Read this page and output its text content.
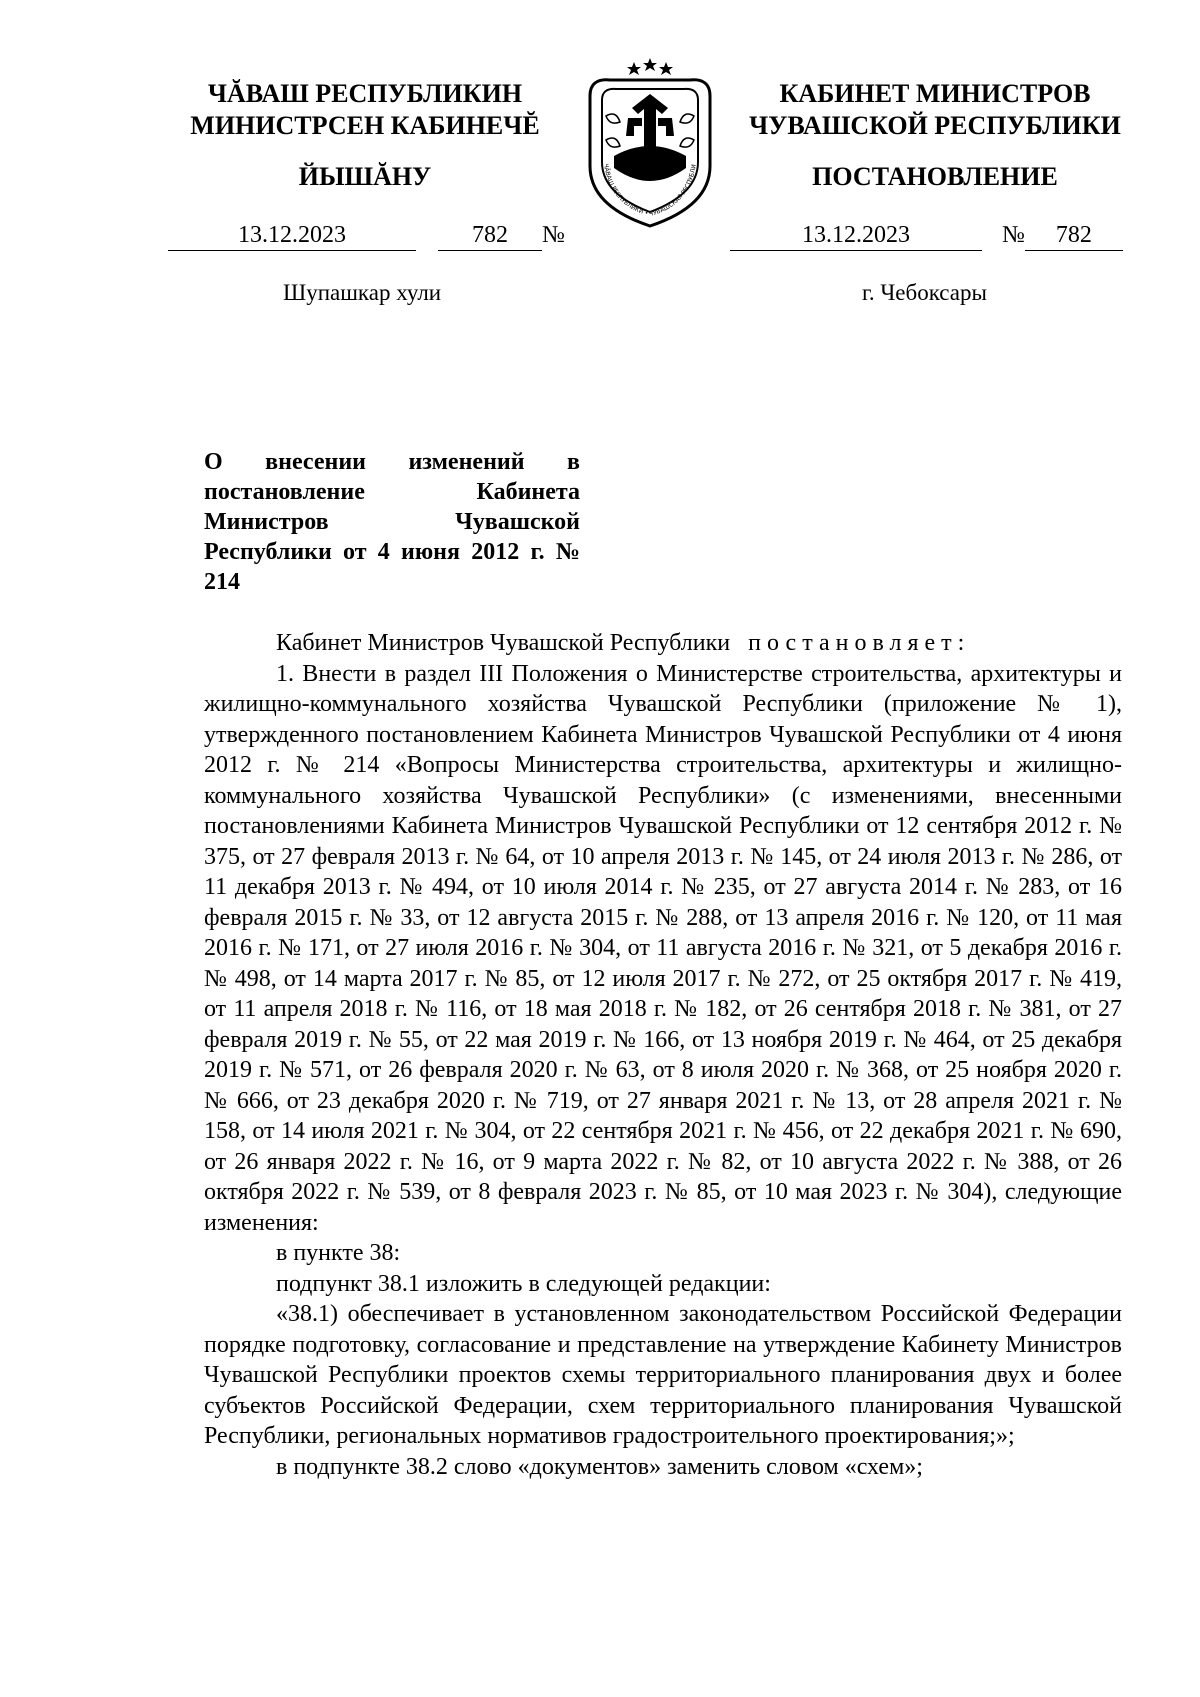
ЧĂВАШ РЕСПУБЛИКИН
МИНИСТРСЕН КАБИНЕЧĔ
ЙЫШĂНУ	ЧĂВАШ РЕСПУБЛИКИ • ЧУВАШСКАЯ РЕСПУБЛИ
КАБИНЕТ МИНИСТРОВ
ЧУВАШСКОЙ РЕСПУБЛИКИ
ПОСТАНОВЛЕНИЕ
13.12.2023	782 №	13.12.2023	№ 782
Шупашкар хули	г. Чебоксары
О внесении изменений в постановление Кабинета Министров Чувашской Республики от 4 июня 2012 г. № 214

Кабинет Министров Чувашской Республики постановляет:

1. Внести в раздел III Положения о Министерстве строительства, архитектуры и жилищно-коммунального хозяйства Чувашской Республики (приложение № 1), утвержденного постановлением Кабинета Министров Чувашской Республики от 4 июня 2012 г. № 214 «Вопросы Министерства строительства, архитектуры и жилищно-коммунального хозяйства Чувашской Республики» (с изменениями, внесенными постановлениями Кабинета Министров Чувашской Республики от 12 сентября 2012 г. № 375, от 27 февраля 2013 г. № 64, от 10 апреля 2013 г. № 145, от 24 июля 2013 г. № 286, от 11 декабря 2013 г. № 494, от 10 июля 2014 г. № 235, от 27 августа 2014 г. № 283, от 16 февраля 2015 г. № 33, от 12 августа 2015 г. № 288, от 13 апреля 2016 г. № 120, от 11 мая 2016 г. № 171, от 27 июля 2016 г. № 304, от 11 августа 2016 г. № 321, от 5 декабря 2016 г. № 498, от 14 марта 2017 г. № 85, от 12 июля 2017 г. № 272, от 25 октября 2017 г. № 419, от 11 апреля 2018 г. № 116, от 18 мая 2018 г. № 182, от 26 сентября 2018 г. № 381, от 27 февраля 2019 г. № 55, от 22 мая 2019 г. № 166, от 13 ноября 2019 г. № 464, от 25 декабря 2019 г. № 571, от 26 февраля 2020 г. № 63, от 8 июля 2020 г. № 368, от 25 ноября 2020 г. № 666, от 23 декабря 2020 г. № 719, от 27 января 2021 г. № 13, от 28 апреля 2021 г. № 158, от 14 июля 2021 г. № 304, от 22 сентября 2021 г. № 456, от 22 декабря 2021 г. № 690, от 26 января 2022 г. № 16, от 9 марта 2022 г. № 82, от 10 августа 2022 г. № 388, от 26 октября 2022 г. № 539, от 8 февраля 2023 г. № 85, от 10 мая 2023 г. № 304), следующие изменения:

в пункте 38:

подпункт 38.1 изложить в следующей редакции:

«38.1) обеспечивает в установленном законодательством Российской Федерации порядке подготовку, согласование и представление на утверждение Кабинету Министров Чувашской Республики проектов схемы территориального планирования двух и более субъектов Российской Федерации, схем территориального планирования Чувашской Республики, региональных нормативов градостроительного проектирования;»;

в подпункте 38.2 слово «документов» заменить словом «схем»;
